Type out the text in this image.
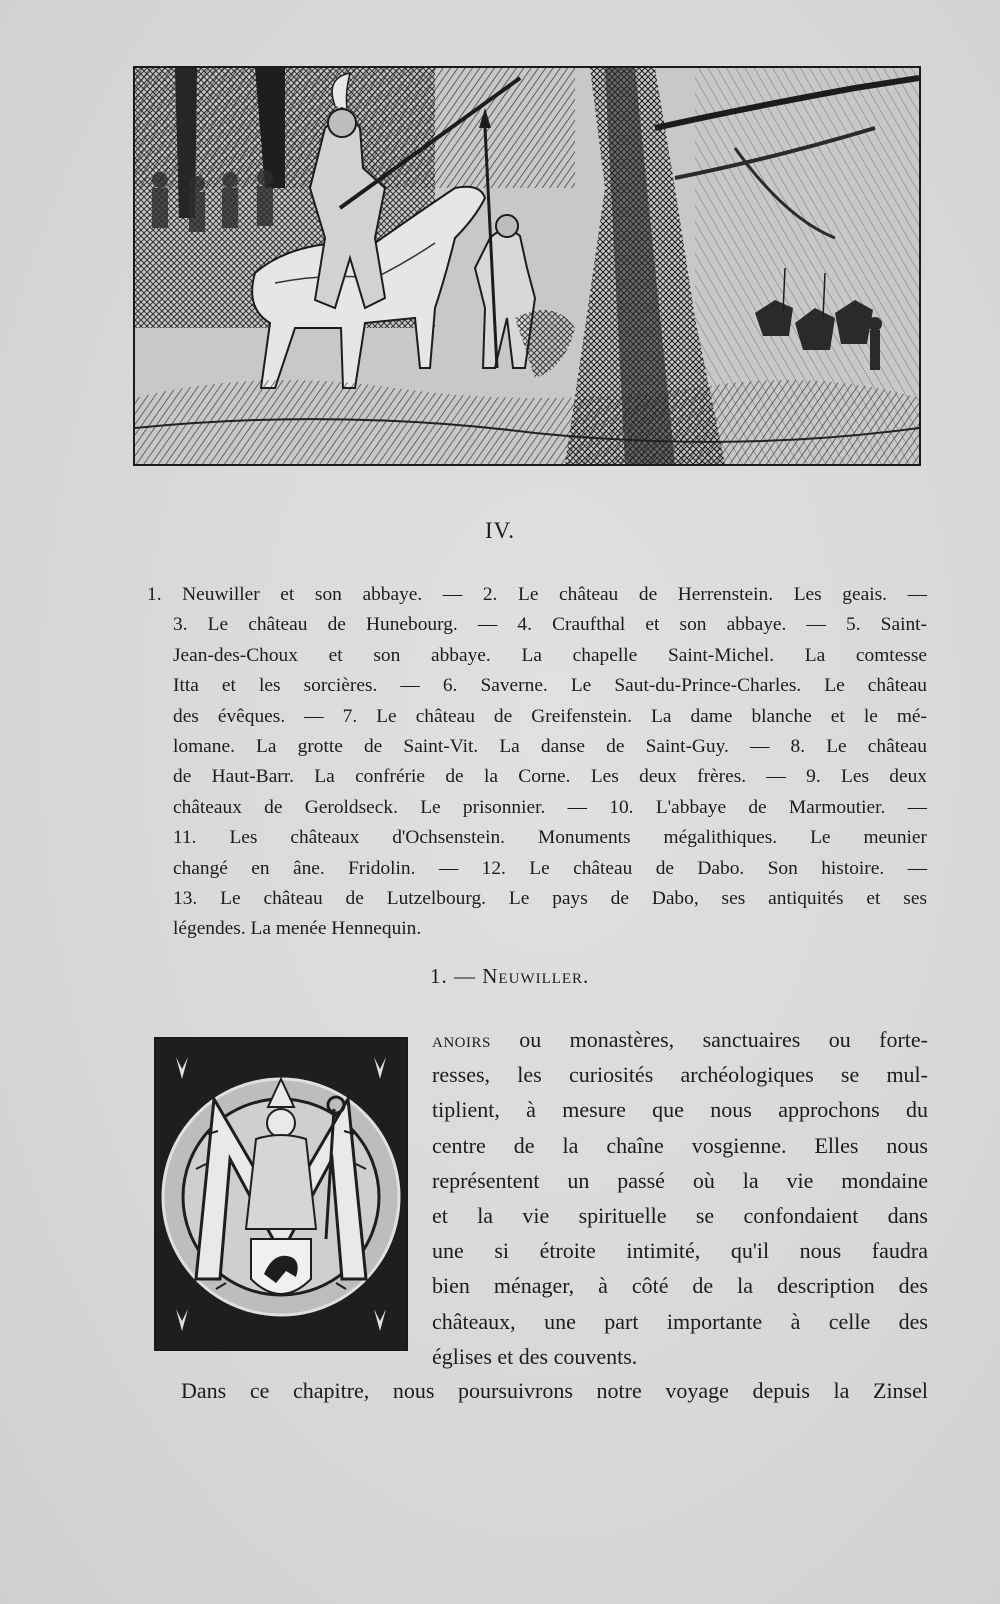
IV.
1. Neuwiller et son abbaye. — 2. Le château de Herrenstein. Les geais. —
3. Le château de Hunebourg. — 4. Craufthal et son abbaye. — 5. Saint-
Jean-des-Choux et son abbaye. La chapelle Saint-Michel. La comtesse
Itta et les sorcières. — 6. Saverne. Le Saut-du-Prince-Charles. Le château
des évêques. — 7. Le château de Greifenstein. La dame blanche et le mé-
lomane. La grotte de Saint-Vit. La danse de Saint-Guy. — 8. Le château
de Haut-Barr. La confrérie de la Corne. Les deux frères. — 9. Les deux
châteaux de Geroldseck. Le prisonnier. — 10. L'abbaye de Marmoutier. —
11. Les châteaux d'Ochsenstein. Monuments mégalithiques. Le meunier
changé en âne. Fridolin. — 12. Le château de Dabo. Son histoire. —
13. Le château de Lutzelbourg. Le pays de Dabo, ses antiquités et ses
légendes. La menée Hennequin.
1. — Neuwiller.
anoirs ou monastères, sanctuaires ou forte-
resses, les curiosités archéologiques se mul-
tiplient, à mesure que nous approchons du
centre de la chaîne vosgienne. Elles nous
représentent un passé où la vie mondaine
et la vie spirituelle se confondaient dans
une si étroite intimité, qu'il nous faudra
bien ménager, à côté de la description des
châteaux, une part importante à celle des
églises et des couvents.
Dans ce chapitre, nous poursuivrons notre voyage depuis la Zinsel
